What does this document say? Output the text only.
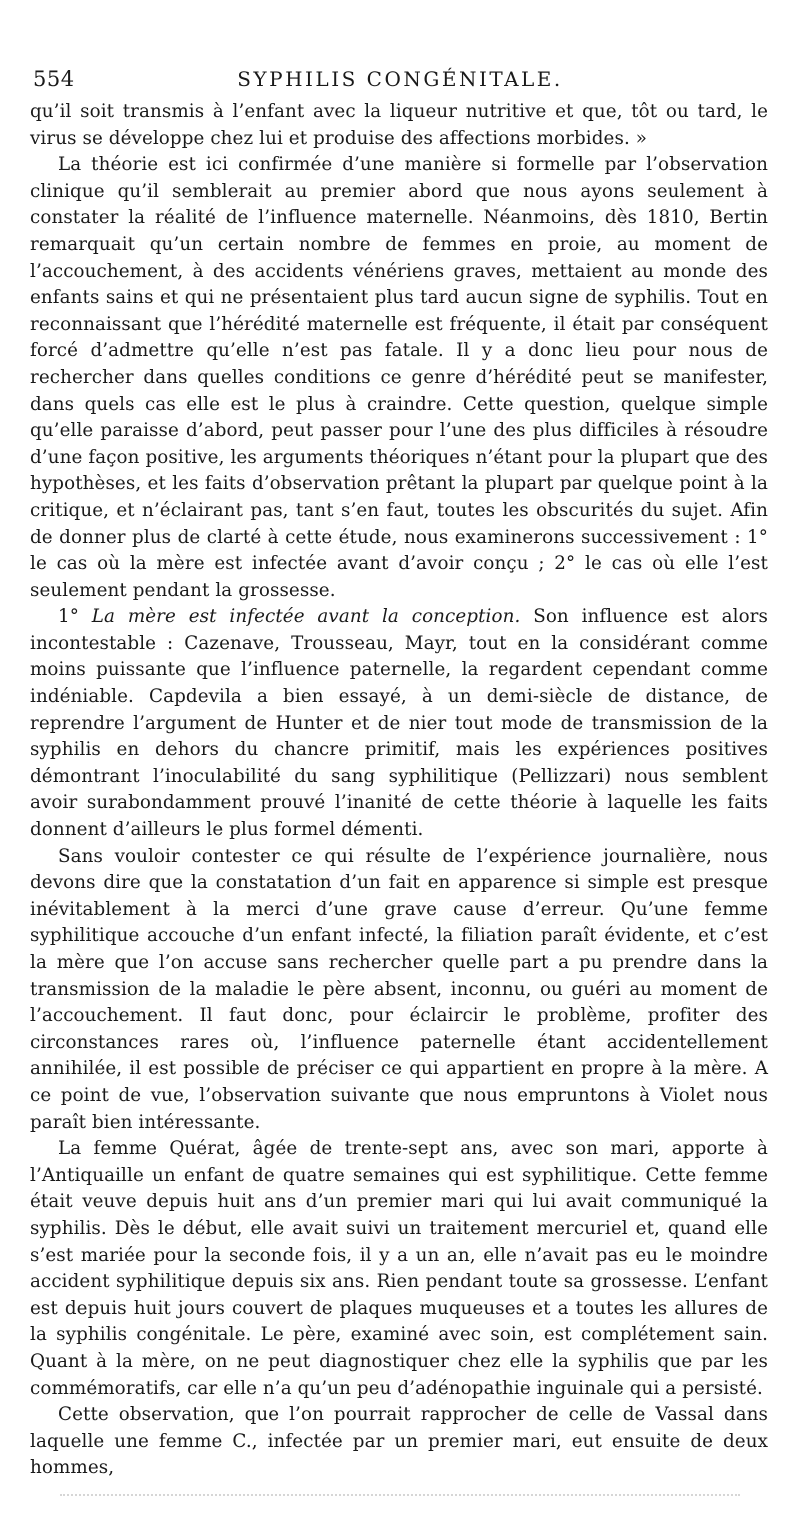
554	SYPHILIS CONGÉNITALE.

qu’il soit transmis à l’enfant avec la liqueur nutritive et que, tôt ou tard, le virus se développe chez lui et produise des affections morbides. »

La théorie est ici confirmée d’une manière si formelle par l’observation clinique qu’il semblerait au premier abord que nous ayons seulement à constater la réalité de l’influence maternelle. Néanmoins, dès 1810, Bertin remarquait qu’un certain nombre de femmes en proie, au moment de l’accouchement, à des accidents vénériens graves, mettaient au monde des enfants sains et qui ne présentaient plus tard aucun signe de syphilis. Tout en reconnaissant que l’hérédité maternelle est fréquente, il était par conséquent forcé d’admettre qu’elle n’est pas fatale. Il y a donc lieu pour nous de rechercher dans quelles conditions ce genre d’hérédité peut se manifester, dans quels cas elle est le plus à craindre. Cette question, quelque simple qu’elle paraisse d’abord, peut passer pour l’une des plus difficiles à résoudre d’une façon positive, les arguments théoriques n’étant pour la plupart que des hypothèses, et les faits d’observation prêtant la plupart par quelque point à la critique, et n’éclairant pas, tant s’en faut, toutes les obscurités du sujet. Afin de donner plus de clarté à cette étude, nous examinerons successivement : 1° le cas où la mère est infectée avant d’avoir conçu ; 2° le cas où elle l’est seulement pendant la grossesse.

1° La mère est infectée avant la conception. Son influence est alors incontestable : Cazenave, Trousseau, Mayr, tout en la considérant comme moins puissante que l’influence paternelle, la regardent cependant comme indéniable. Capdevila a bien essayé, à un demi-siècle de distance, de reprendre l’argument de Hunter et de nier tout mode de transmission de la syphilis en dehors du chancre primitif, mais les expériences positives démontrant l’inoculabilité du sang syphilitique (Pellizzari) nous semblent avoir surabondamment prouvé l’inanité de cette théorie à laquelle les faits donnent d’ailleurs le plus formel démenti.

Sans vouloir contester ce qui résulte de l’expérience journalière, nous devons dire que la constatation d’un fait en apparence si simple est presque inévitablement à la merci d’une grave cause d’erreur. Qu’une femme syphilitique accouche d’un enfant infecté, la filiation paraît évidente, et c’est la mère que l’on accuse sans rechercher quelle part a pu prendre dans la transmission de la maladie le père absent, inconnu, ou guéri au moment de l’accouchement. Il faut donc, pour éclaircir le problème, profiter des circonstances rares où, l’influence paternelle étant accidentellement annihilée, il est possible de préciser ce qui appartient en propre à la mère. A ce point de vue, l’observation suivante que nous empruntons à Violet nous paraît bien intéressante.

La femme Quérat, âgée de trente-sept ans, avec son mari, apporte à l’Antiquaille un enfant de quatre semaines qui est syphilitique. Cette femme était veuve depuis huit ans d’un premier mari qui lui avait communiqué la syphilis. Dès le début, elle avait suivi un traitement mercuriel et, quand elle s’est mariée pour la seconde fois, il y a un an, elle n’avait pas eu le moindre accident syphilitique depuis six ans. Rien pendant toute sa grossesse. L’enfant est depuis huit jours couvert de plaques muqueuses et a toutes les allures de la syphilis congénitale. Le père, examiné avec soin, est complétement sain. Quant à la mère, on ne peut diagnostiquer chez elle la syphilis que par les commémoratifs, car elle n’a qu’un peu d’adénopathie inguinale qui a persisté.

Cette observation, que l’on pourrait rapprocher de celle de Vassal dans laquelle une femme C., infectée par un premier mari, eut ensuite de deux hommes,
